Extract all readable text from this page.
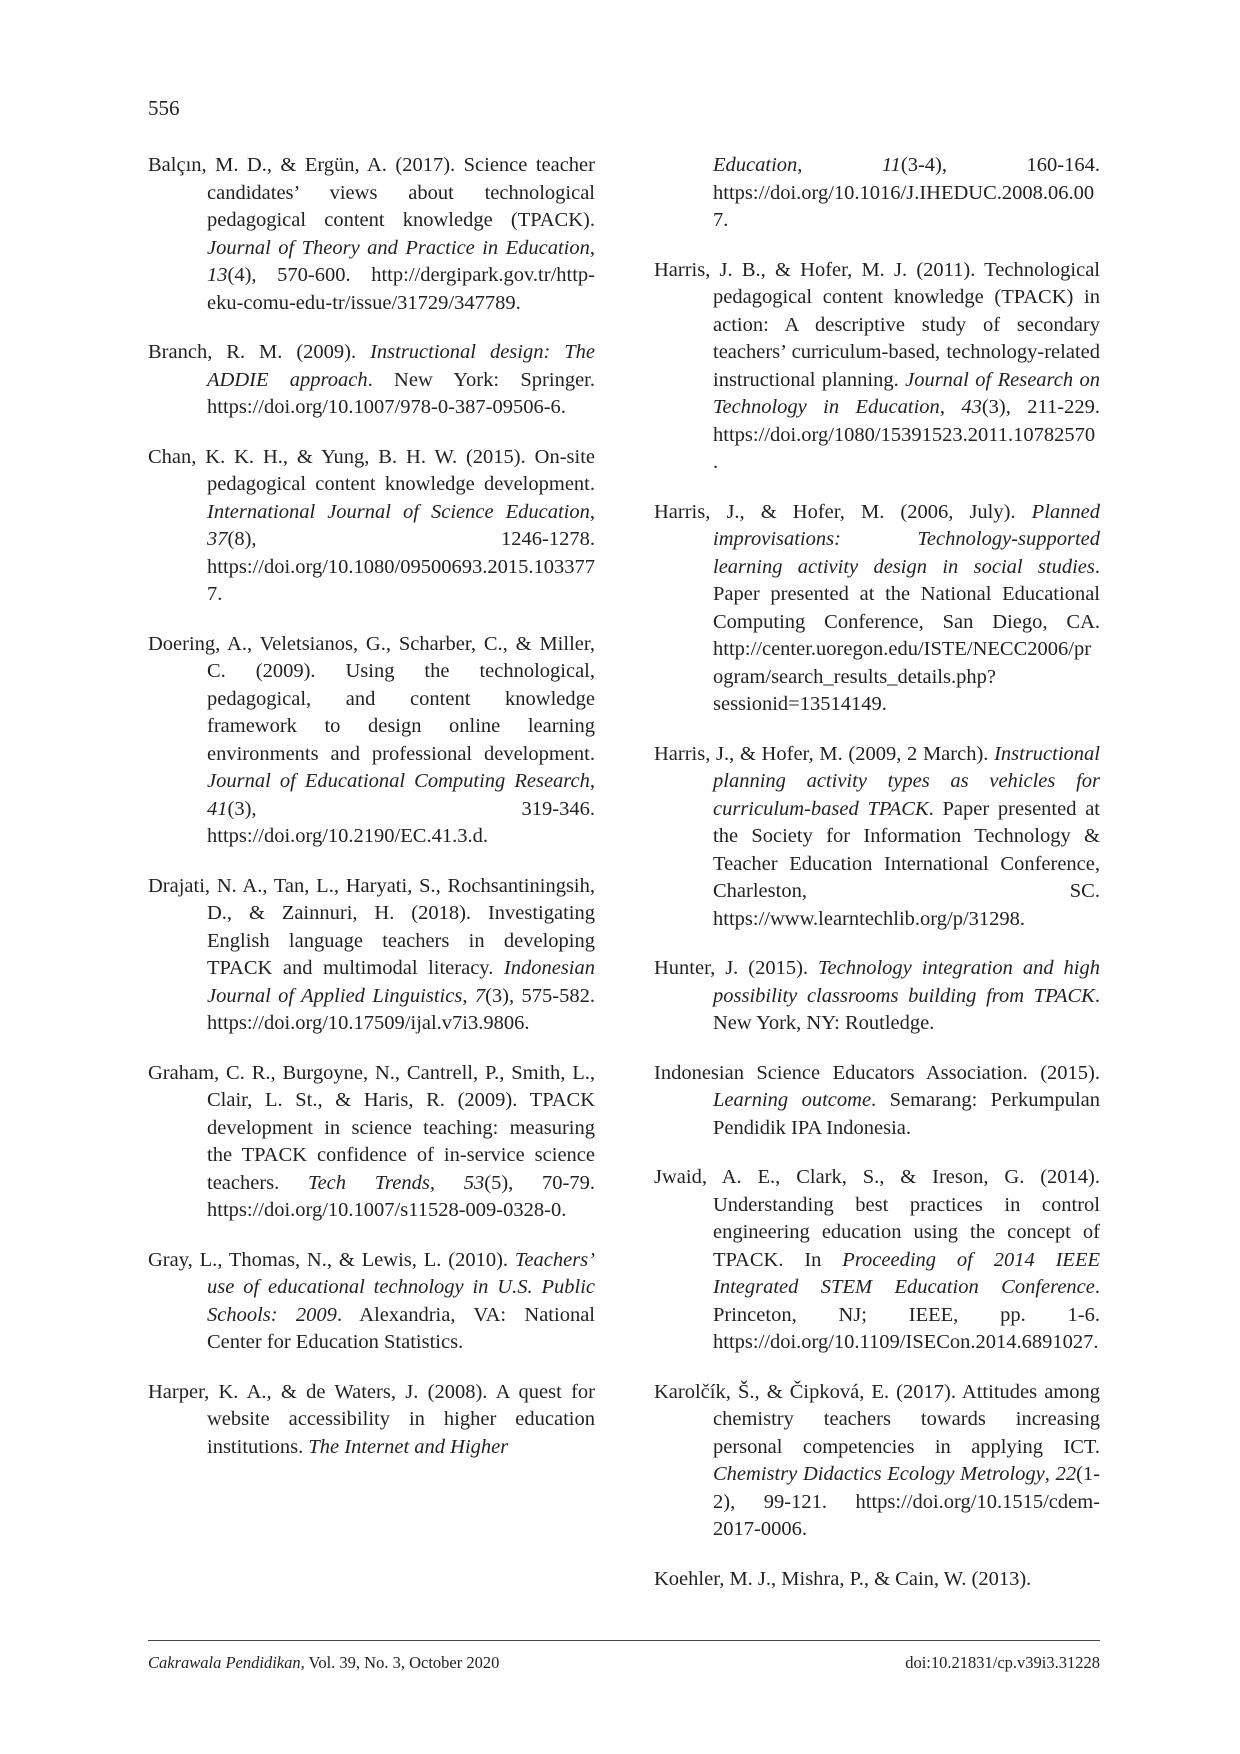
556

Balçın, M. D., & Ergün, A. (2017). Science teacher candidates’ views about technological pedagogical content knowledge (TPACK). Journal of Theory and Practice in Education, 13(4), 570-600. http://dergipark.gov.tr/http-eku-comu-edu-tr/issue/31729/347789.

Branch, R. M. (2009). Instructional design: The ADDIE approach. New York: Springer. https://doi.org/10.1007/978-0-387-09506-6.

Chan, K. K. H., & Yung, B. H. W. (2015). On-site pedagogical content knowledge development. International Journal of Science Education, 37(8), 1246-1278. https://doi.org/10.1080/09500693.2015.1033777.

Doering, A., Veletsianos, G., Scharber, C., & Miller, C. (2009). Using the technological, pedagogical, and content knowledge framework to design online learning environments and professional development. Journal of Educational Computing Research, 41(3), 319-346. https://doi.org/10.2190/EC.41.3.d.

Drajati, N. A., Tan, L., Haryati, S., Rochsantiningsih, D., & Zainnuri, H. (2018). Investigating English language teachers in developing TPACK and multimodal literacy. Indonesian Journal of Applied Linguistics, 7(3), 575-582. https://doi.org/10.17509/ijal.v7i3.9806.

Graham, C. R., Burgoyne, N., Cantrell, P., Smith, L., Clair, L. St., & Haris, R. (2009). TPACK development in science teaching: measuring the TPACK confidence of in-service science teachers. Tech Trends, 53(5), 70-79. https://doi.org/10.1007/s11528-009-0328-0.

Gray, L., Thomas, N., & Lewis, L. (2010). Teachers’ use of educational technology in U.S. Public Schools: 2009. Alexandria, VA: National Center for Education Statistics.

Harper, K. A., & de Waters, J. (2008). A quest for website accessibility in higher education institutions. The Internet and Higher

Education, 11(3-4), 160-164. https://doi.org/10.1016/J.IHEDUC.2008.06.007.

Harris, J. B., & Hofer, M. J. (2011). Technological pedagogical content knowledge (TPACK) in action: A descriptive study of secondary teachers’ curriculum-based, technology-related instructional planning. Journal of Research on Technology in Education, 43(3), 211-229. https://doi.org/1080/15391523.2011.10782570.

Harris, J., & Hofer, M. (2006, July). Planned improvisations: Technology-supported learning activity design in social studies. Paper presented at the National Educational Computing Conference, San Diego, CA. http://center.uoregon.edu/ISTE/NECC2006/program/search_results_details.php?sessionid=13514149.

Harris, J., & Hofer, M. (2009, 2 March). Instructional planning activity types as vehicles for curriculum-based TPACK. Paper presented at the Society for Information Technology & Teacher Education International Conference, Charleston, SC. https://www.learntechlib.org/p/31298.

Hunter, J. (2015). Technology integration and high possibility classrooms building from TPACK. New York, NY: Routledge.

Indonesian Science Educators Association. (2015). Learning outcome. Semarang: Perkumpulan Pendidik IPA Indonesia.

Jwaid, A. E., Clark, S., & Ireson, G. (2014). Understanding best practices in control engineering education using the concept of TPACK. In Proceeding of 2014 IEEE Integrated STEM Education Conference. Princeton, NJ; IEEE, pp. 1-6. https://doi.org/10.1109/ISECon.2014.6891027.

Karolčík, Š., & Čipková, E. (2017). Attitudes among chemistry teachers towards increasing personal competencies in applying ICT. Chemistry Didactics Ecology Metrology, 22(1-2), 99-121. https://doi.org/10.1515/cdem-2017-0006.

Koehler, M. J., Mishra, P., & Cain, W. (2013).

Cakrawala Pendidikan, Vol. 39, No. 3, October 2020	doi:10.21831/cp.v39i3.31228
